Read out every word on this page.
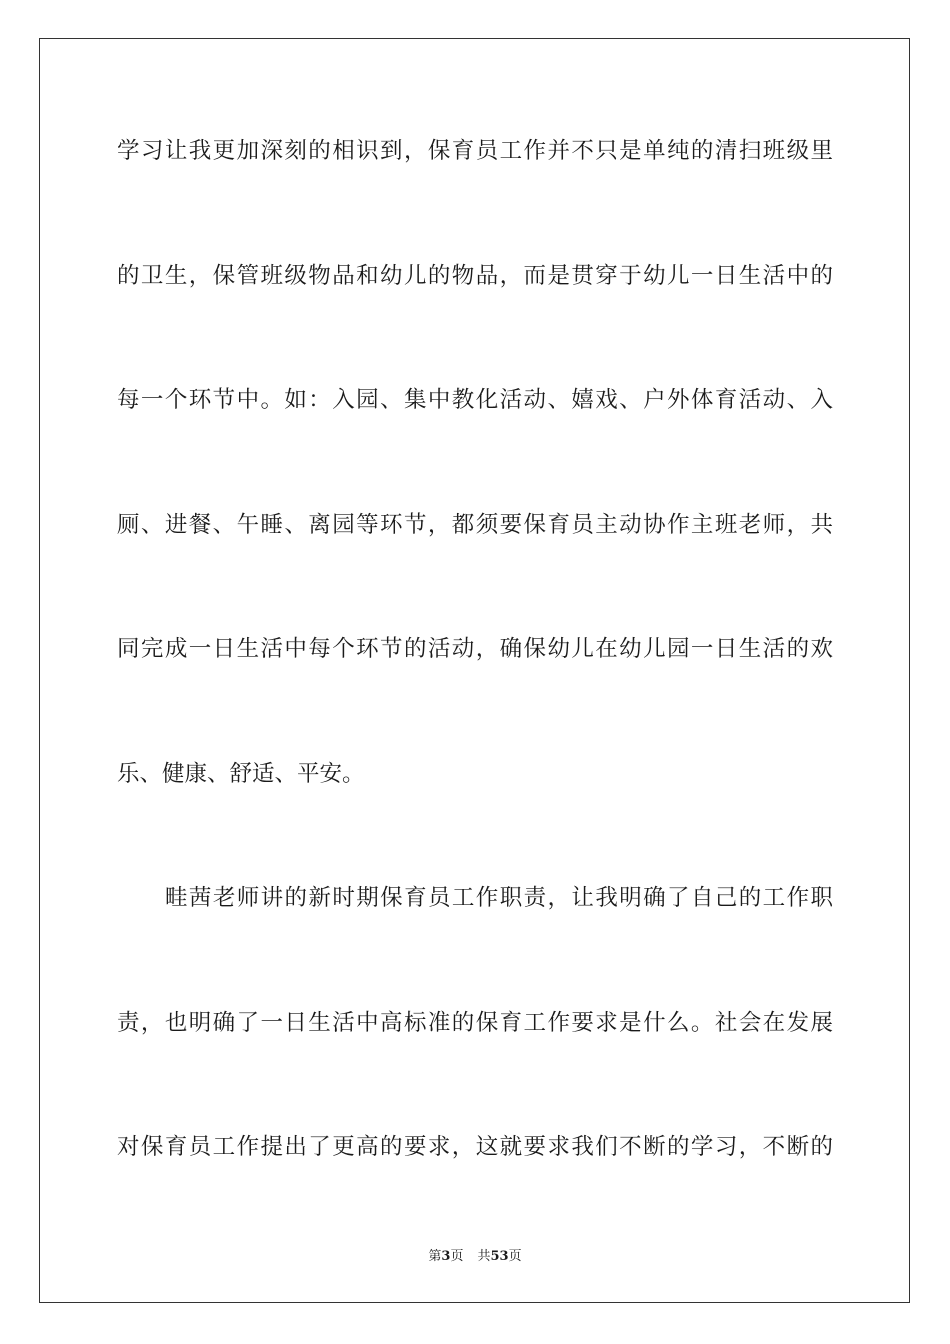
学习让我更加深刻的相识到，保育员工作并不只是单纯的清扫班级里
的卫生，保管班级物品和幼儿的物品，而是贯穿于幼儿一日生活中的
每一个环节中。如：入园、集中教化活动、嬉戏、户外体育活动、入
厕、进餐、午睡、离园等环节，都须要保育员主动协作主班老师，共
同完成一日生活中每个环节的活动，确保幼儿在幼儿园一日生活的欢
乐、健康、舒适、平安。
畦茜老师讲的新时期保育员工作职责，让我明确了自己的工作职
责，也明确了一日生活中高标准的保育工作要求是什么。社会在发展
对保育员工作提出了更高的要求，这就要求我们不断的学习，不断的
第3页 共53页
